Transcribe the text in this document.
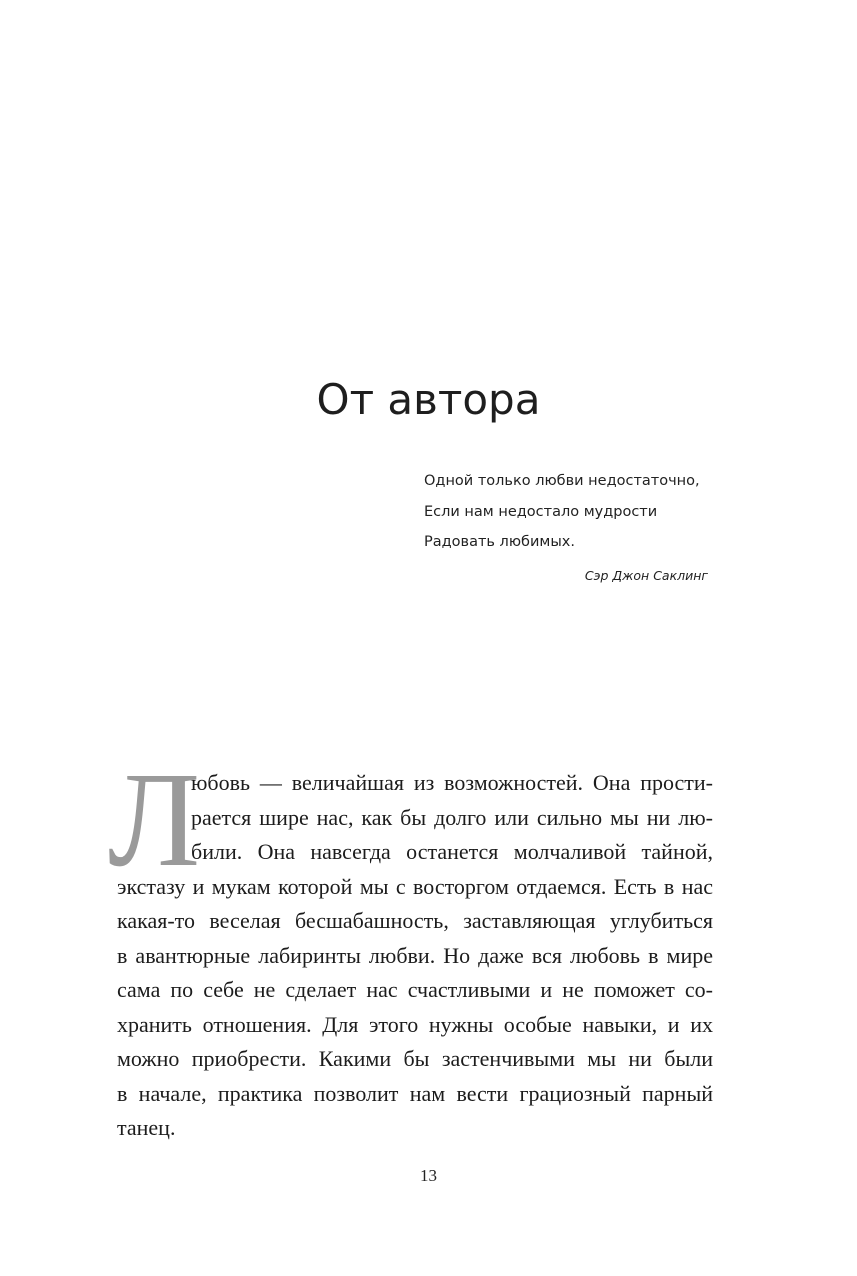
От автора
Одной только любви недостаточно,
Если нам недостало мудрости
Радовать любимых.
Сэр Джон Саклинг
Л
юбовь — величайшая из возможностей. Она прости-
рается шире нас, как бы долго или сильно мы ни лю-
били. Она навсегда останется молчаливой тайной,
экстазу и мукам которой мы с восторгом отдаемся. Есть в нас
какая-то веселая бесшабашность, заставляющая углубиться
в авантюрные лабиринты любви. Но даже вся любовь в мире
сама по себе не сделает нас счастливыми и не поможет со-
хранить отношения. Для этого нужны особые навыки, и их
можно приобрести. Какими бы застенчивыми мы ни были
в начале, практика позволит нам вести грациозный парный
танец.
13
